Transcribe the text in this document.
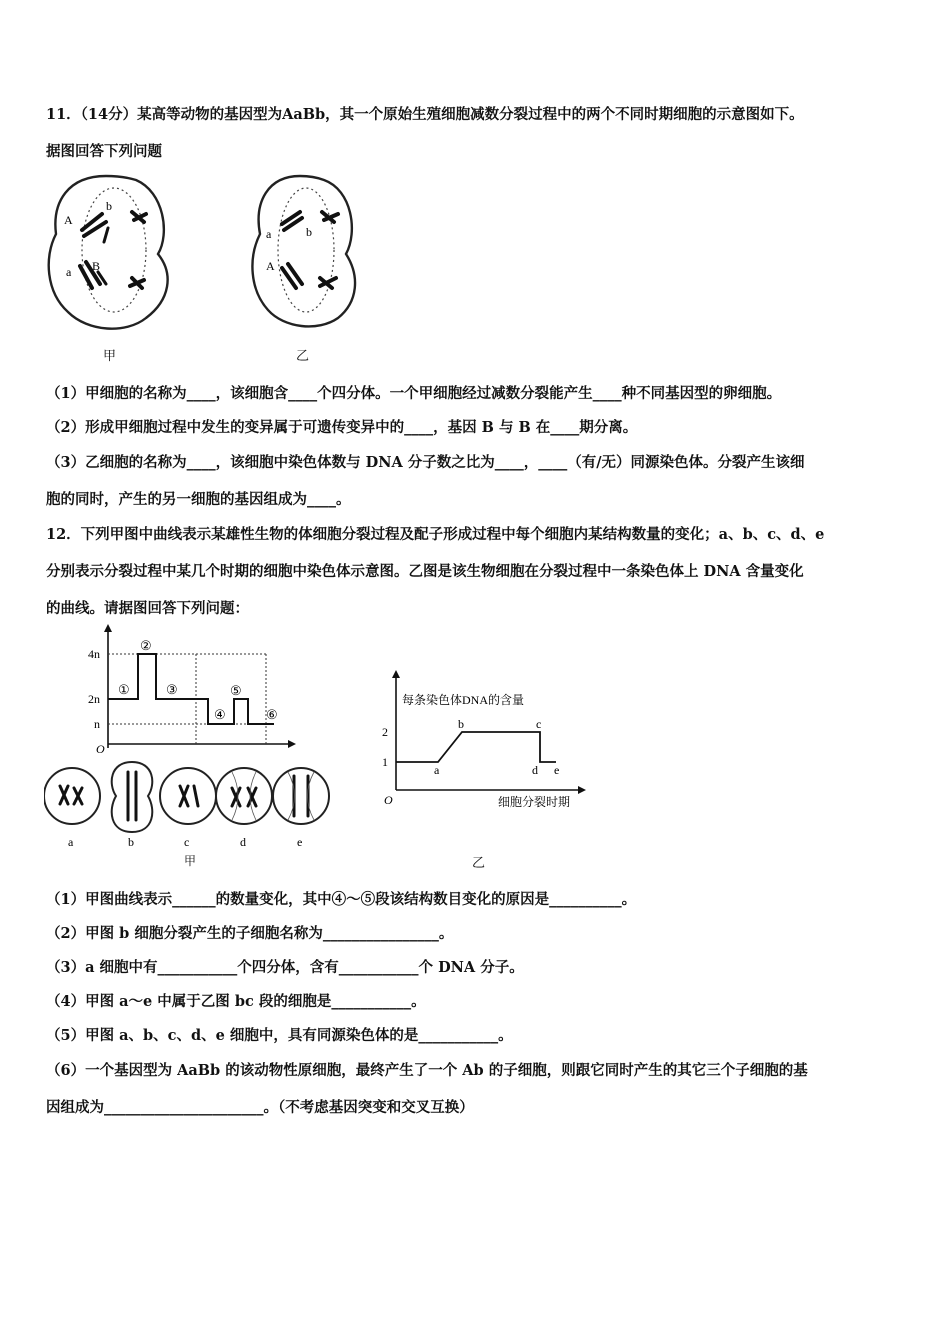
11．（14分）某高等动物的基因型为AaBb，其一个原始生殖细胞减数分裂过程中的两个不同时期细胞的示意图如下。
据图回答下列问题
A
a B
b
甲
a
A
b
乙
（1）甲细胞的名称为____，该细胞含____个四分体。一个甲细胞经过减数分裂能产生____种不同基因型的卵细胞。
（2）形成甲细胞过程中发生的变异属于可遗传变异中的____，基因 B 与 B 在____期分离。
（3）乙细胞的名称为____，该细胞中染色体数与 DNA 分子数之比为____，____（有/无）同源染色体。分裂产生该细
胞的同时，产生的另一细胞的基因组成为____。
12．下列甲图中曲线表示某雄性生物的体细胞分裂过程及配子形成过程中每个细胞内某结构数量的变化；a、b、c、d、e
分别表示分裂过程中某几个时期的细胞中染色体示意图。乙图是该生物细胞在分裂过程中一条染色体上 DNA 含量变化
的曲线。请据图回答下列问题：
4n
2n
n
O
①
②
③
④
⑤
⑥
a	b	c	d	e
甲
每条染色体DNA的含量
2
1
O
a
b	c
d e
细胞分裂时期
乙
（1）甲图曲线表示______的数量变化，其中④～⑤段该结构数目变化的原因是__________。
（2）甲图 b 细胞分裂产生的子细胞名称为________________。
（3）a 细胞中有___________个四分体，含有___________个 DNA 分子。
（4）甲图 a～e 中属于乙图 bc 段的细胞是___________。
（5）甲图 a、b、c、d、e 细胞中，具有同源染色体的是___________。
（6）一个基因型为 AaBb 的该动物性原细胞，最终产生了一个 Ab 的子细胞，则跟它同时产生的其它三个子细胞的基
因组成为______________________。（不考虑基因突变和交叉互换）
